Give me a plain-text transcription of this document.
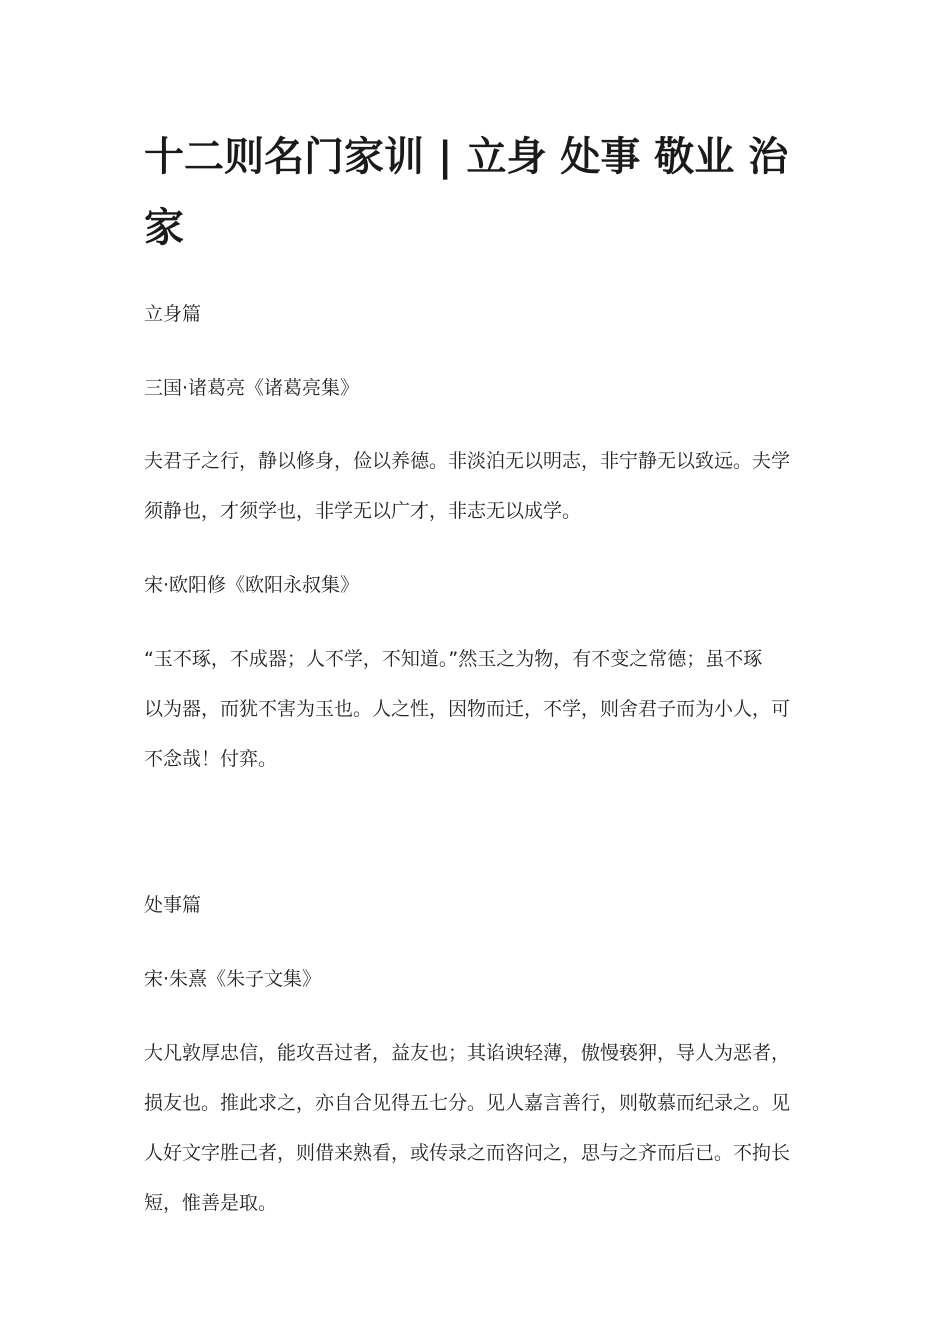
十二则名门家训 | 立身 处事 敬业 治
家

立身篇

三国·诸葛亮《诸葛亮集》

夫君子之行，静以修身，俭以养德。非淡泊无以明志，非宁静无以致远。夫学
须静也，才须学也，非学无以广才，非志无以成学。

宋·欧阳修《欧阳永叔集》

“玉不琢，不成器；人不学，不知道。”然玉之为物，有不变之常德；虽不琢
以为器，而犹不害为玉也。人之性，因物而迁，不学，则舍君子而为小人，可
不念哉！付弈。

处事篇

宋·朱熹《朱子文集》

大凡敦厚忠信，能攻吾过者，益友也；其谄谀轻薄，傲慢亵狎，导人为恶者，
损友也。推此求之，亦自合见得五七分。见人嘉言善行，则敬慕而纪录之。见
人好文字胜己者，则借来熟看，或传录之而咨问之，思与之齐而后已。不拘长
短，惟善是取。
